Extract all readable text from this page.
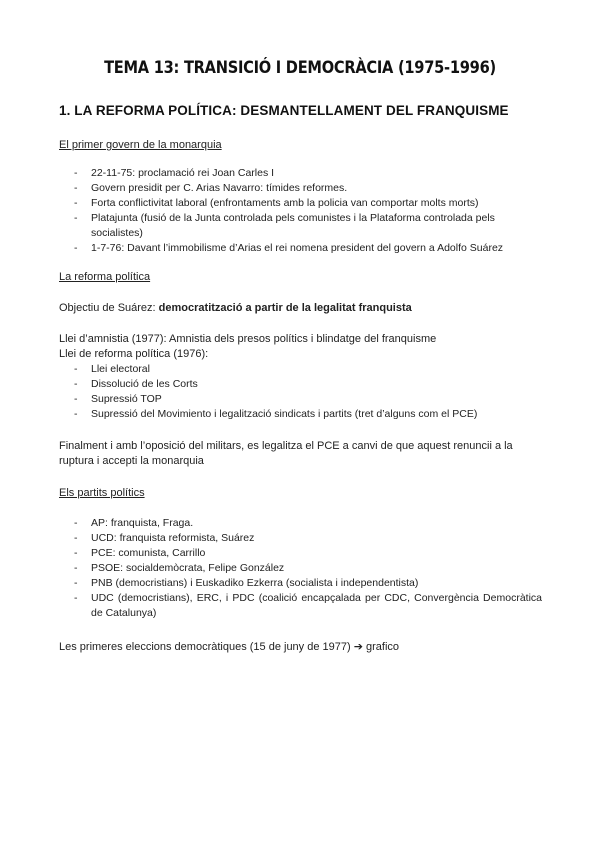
TEMA 13: TRANSICIÓ I DEMOCRÀCIA (1975-1996)
1. LA REFORMA POLÍTICA: DESMANTELLAMENT DEL FRANQUISME
El primer govern de la monarquia
- 22-11-75: proclamació rei Joan Carles I
- Govern presidit per C. Arias Navarro: tímides reformes.
- Forta conflictivitat laboral (enfrontaments amb la policia van comportar molts morts)
- Platajunta (fusió de la Junta controlada pels comunistes i la Plataforma controlada pels socialistes)
- 1-7-76: Davant l’immobilisme d’Arias el rei nomena president del govern a Adolfo Suárez
La reforma política
Objectiu de Suárez: democratització a partir de la legalitat franquista
Llei d’amnistia (1977): Amnistia dels presos polítics i blindatge del franquisme
Llei de reforma política (1976):
- Llei electoral
- Dissolució de les Corts
- Supressió TOP
- Supressió del Movimiento i legalització sindicats i partits (tret d’alguns com el PCE)
Finalment i amb l’oposició del militars, es legalitza el PCE a canvi de que aquest renuncii a la ruptura i accepti la monarquia
Els partits polítics
- AP: franquista, Fraga.
- UCD: franquista reformista, Suárez
- PCE: comunista, Carrillo
- PSOE: socialdemòcrata, Felipe González
- PNB (democristians) i Euskadiko Ezkerra (socialista i independentista)
- UDC (democristians), ERC, i PDC (coalició encapçalada per CDC, Convergència Democràtica de Catalunya)
Les primeres eleccions democràtiques (15 de juny de 1977) ➔ grafico
